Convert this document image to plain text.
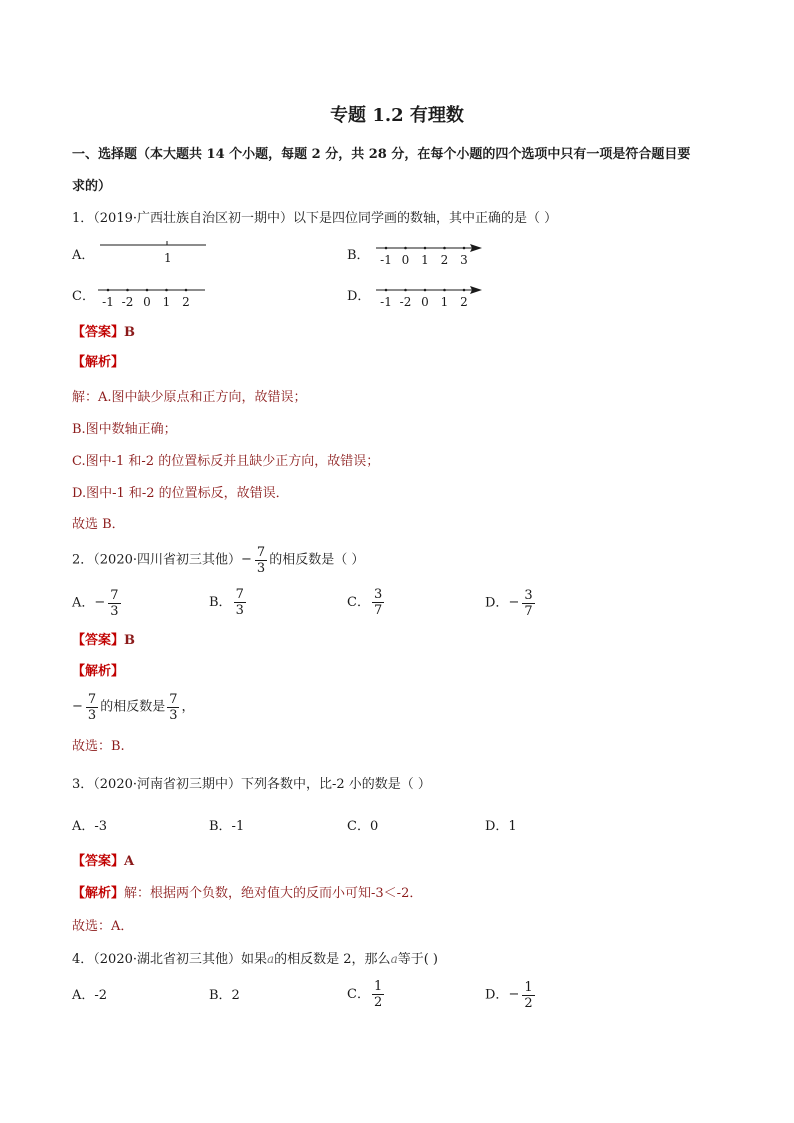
专题 1.2 有理数
一、选择题（本大题共 14 个小题，每题 2 分，共 28 分，在每个小题的四个选项中只有一项是符合题目要
求的）
1．（2019·广西壮族自治区初一期中）以下是四位同学画的数轴，其中正确的是（ ）
A．	1	B． -1 0 1 2 3
C． -1 -2 0 1 2	D． -1 -2 0 1 2
【答案】B
【解析】
解：A.图中缺少原点和正方向，故错误；
B.图中数轴正确；
C.图中-1 和-2 的位置标反并且缺少正方向，故错误；
D.图中-1 和-2 的位置标反，故错误．
故选 B．
2．（2020·四川省初三其他）− $\frac{7}{3}$ 的相反数是（ ）
A．− $\frac{7}{3}$	B． $\frac{7}{3}$	C． $\frac{3}{7}$	D．− $\frac{3}{7}$
【答案】B
【解析】
− $\frac{7}{3}$ 的相反数是 $\frac{7}{3}$ ，
故选：B.
3．（2020·河南省初三期中）下列各数中，比-2 小的数是（ ）
A．-3	B．-1	C．0	D．1
【答案】A
【解析】解：根据两个负数，绝对值大的反而小可知-3＜-2．
故选：A．
4．（2020·湖北省初三其他）如果a的相反数是 2，那么a等于( )
A．-2	B．2	C． $\frac{1}{2}$	D．− $\frac{1}{2}$
